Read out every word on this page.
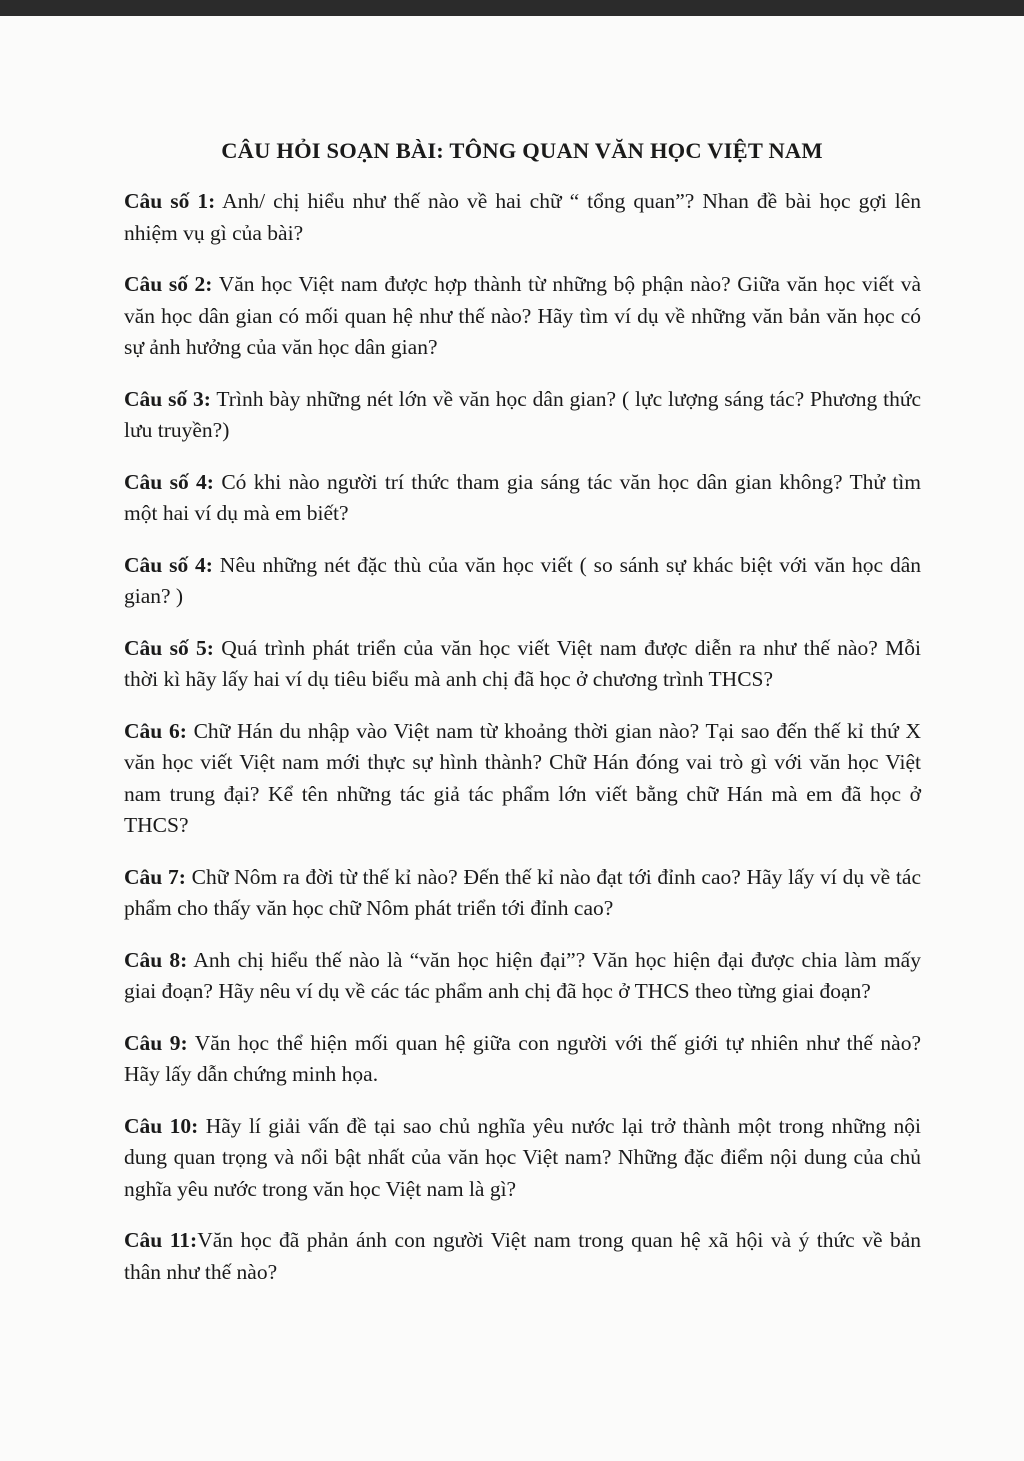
CÂU HỎI SOẠN BÀI: TÔNG QUAN VĂN HỌC VIỆT NAM
Câu số 1: Anh/ chị hiểu như thế nào về hai chữ “ tổng quan”? Nhan đề bài học gợi lên nhiệm vụ gì của bài?
Câu số 2: Văn học Việt nam được hợp thành từ những bộ phận nào? Giữa văn học viết và văn học dân gian có mối quan hệ như thế nào? Hãy tìm ví dụ về những văn bản văn học có sự ảnh hưởng của văn học dân gian?
Câu số 3: Trình bày những nét lớn về văn học dân gian? ( lực lượng sáng tác? Phương thức lưu truyền?)
Câu số 4: Có khi nào người trí thức tham gia sáng tác văn học dân gian không? Thử tìm một hai ví dụ mà em biết?
Câu số 4: Nêu những nét đặc thù của văn học viết ( so sánh sự khác biệt với văn học dân gian? )
Câu số 5: Quá trình phát triển của văn học viết Việt nam được diễn ra như thế nào? Mỗi thời kì hãy lấy hai ví dụ tiêu biểu mà anh chị đã học ở chương trình THCS?
Câu 6: Chữ Hán du nhập vào Việt nam từ khoảng thời gian nào? Tại sao đến thế kỉ thứ X văn học viết Việt nam mới thực sự hình thành? Chữ Hán đóng vai trò gì với văn học Việt nam trung đại? Kể tên những tác giả tác phẩm lớn viết bằng chữ Hán mà em đã học ở THCS?
Câu 7: Chữ Nôm ra đời từ thế kỉ nào? Đến thế kỉ nào đạt tới đỉnh cao? Hãy lấy ví dụ về tác phẩm cho thấy văn học chữ Nôm phát triển tới đỉnh cao?
Câu 8: Anh chị hiểu thế nào là “văn học hiện đại”? Văn học hiện đại được chia làm mấy giai đoạn? Hãy nêu ví dụ về các tác phẩm anh chị đã học ở THCS theo từng giai đoạn?
Câu 9: Văn học thể hiện mối quan hệ giữa con người với thế giới tự nhiên như thế nào? Hãy lấy dẫn chứng minh họa.
Câu 10: Hãy lí giải vấn đề tại sao chủ nghĩa yêu nước lại trở thành một trong những nội dung quan trọng và nổi bật nhất của văn học Việt nam? Những đặc điểm nội dung của chủ nghĩa yêu nước trong văn học Việt nam là gì?
Câu 11:Văn học đã phản ánh con người Việt nam trong quan hệ xã hội và ý thức về bản thân như thế nào?
